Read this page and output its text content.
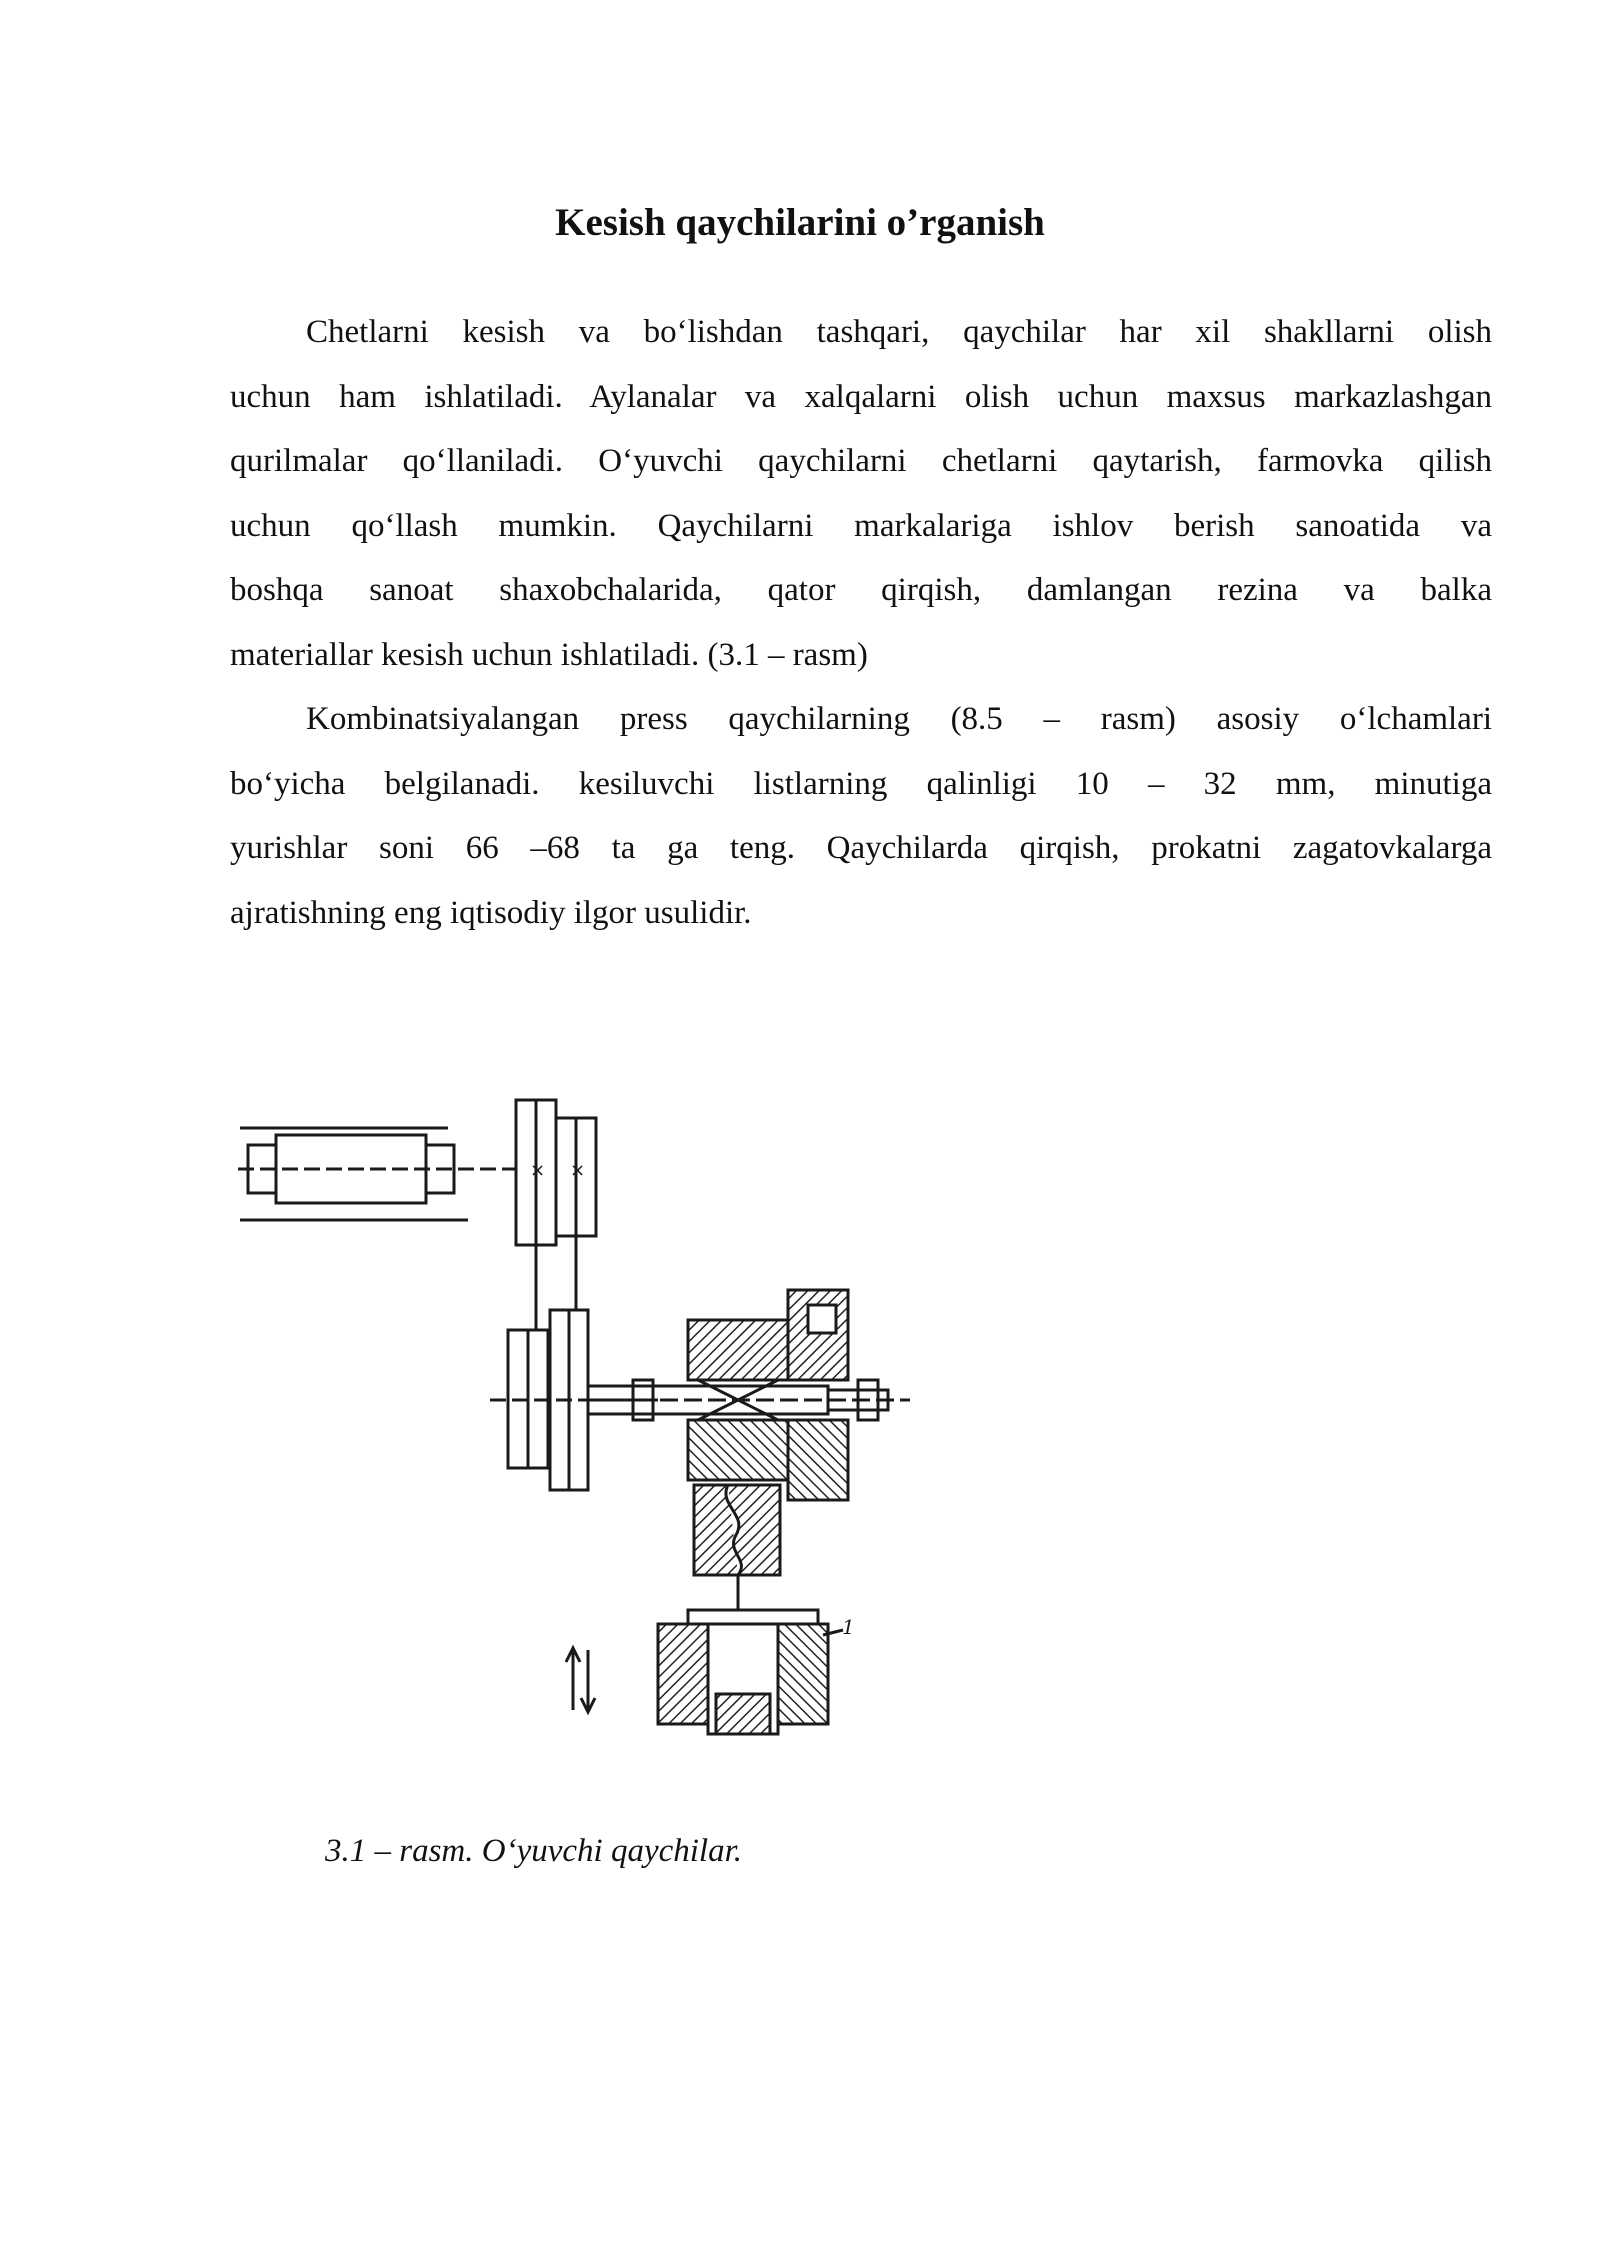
Kesish qaychilarini o’rganish

Chetlarni kesish va bo‘lishdan tashqari, qaychilar har xil shakllarni olish

uchun ham ishlatiladi. Aylanalar va xalqalarni olish uchun maxsus markazlashgan

qurilmalar qo‘llaniladi. O‘yuvchi qaychilarni chetlarni qaytarish, farmovka qilish

uchun qo‘llash mumkin. Qaychilarni markalariga ishlov berish sanoatida va

boshqa sanoat shaxobchalarida, qator qirqish, damlangan rezina va balka

materiallar kesish uchun ishlatiladi. (3.1 – rasm)

Kombinatsiyalangan press qaychilarning (8.5 – rasm) asosiy o‘lchamlari

bo‘yicha belgilanadi. kesiluvchi listlarning qalinligi 10 – 32 mm, minutiga

yurishlar soni 66 –68 ta ga teng. Qaychilarda qirqish, prokatni zagatovkalarga

ajratishning eng iqtisodiy ilgor usulidir.

× ×
1
3.1 – rasm. O‘yuvchi qaychilar.
